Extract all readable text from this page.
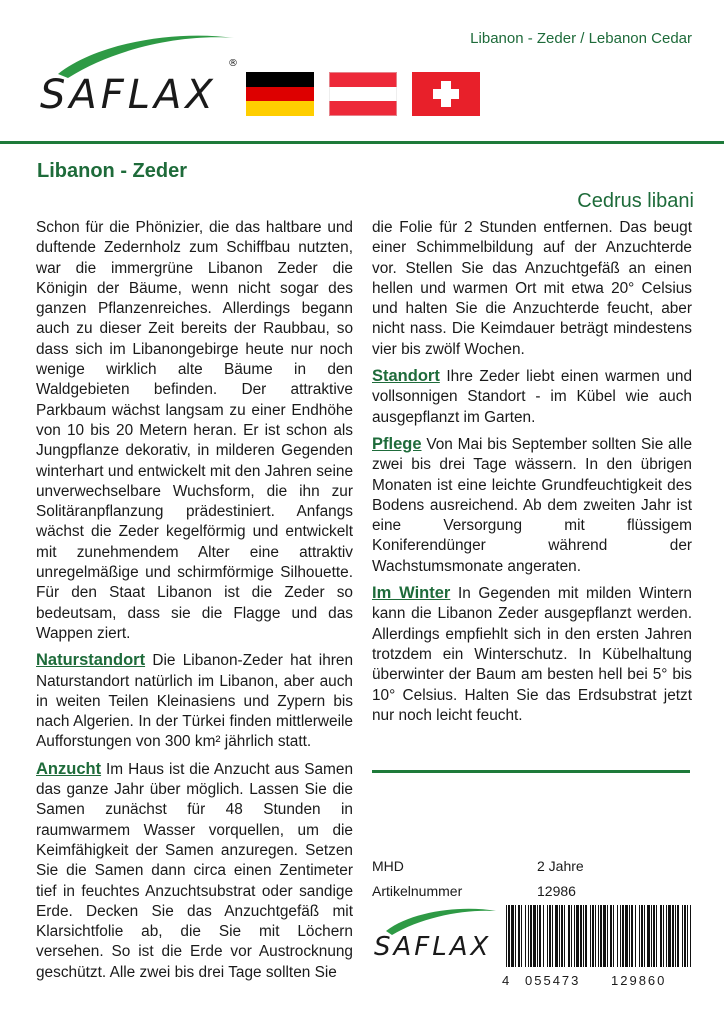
Libanon - Zeder / Lebanon Cedar
SAFLAX
®
Libanon - Zeder
Cedrus libani

Schon für die Phönizier, die das haltbare und duftende Zedernholz zum Schiffbau nutzten, war die immergrüne Libanon Zeder die Königin der Bäume, wenn nicht sogar des ganzen Pflanzenreiches. Allerdings begann auch zu dieser Zeit bereits der Raubbau, so dass sich im Libanongebirge heute nur noch wenige wirklich alte Bäume in den Waldgebieten befinden. Der attraktive Parkbaum wächst langsam zu einer Endhöhe von 10 bis 20 Metern heran. Er ist schon als Jungpflanze dekorativ, in milderen Gegenden winterhart und entwickelt mit den Jahren seine unverwechselbare Wuchsform, die ihn zur Solitäranpflanzung prädestiniert. Anfangs wächst die Zeder kegelförmig und entwickelt mit zunehmendem Alter eine attraktiv unregelmäßige und schirmförmige Silhouette. Für den Staat Libanon ist die Zeder so bedeutsam, dass sie die Flagge und das Wappen ziert.

Naturstandort Die Libanon-Zeder hat ihren Naturstandort natürlich im Libanon, aber auch in weiten Teilen Kleinasiens und Zypern bis nach Algerien. In der Türkei finden mittlerweile Aufforstungen von 300 km² jährlich statt.

Anzucht Im Haus ist die Anzucht aus Samen das ganze Jahr über möglich. Lassen Sie die Samen zunächst für 48 Stunden in raumwarmem Wasser vorquellen, um die Keimfähigkeit der Samen anzuregen. Setzen Sie die Samen dann circa einen Zentimeter tief in feuchtes Anzuchtsubstrat oder sandige Erde. Decken Sie das Anzuchtgefäß mit Klarsichtfolie ab, die Sie mit Löchern versehen. So ist die Erde vor Austrocknung geschützt. Alle zwei bis drei Tage sollten Sie

die Folie für 2 Stunden entfernen. Das beugt einer Schimmelbildung auf der Anzuchterde vor. Stellen Sie das Anzuchtgefäß an einen hellen und warmen Ort mit etwa 20° Celsius und halten Sie die Anzuchterde feucht, aber nicht nass. Die Keimdauer beträgt mindestens vier bis zwölf Wochen.

Standort Ihre Zeder liebt einen warmen und vollsonnigen Standort - im Kübel wie auch ausgepflanzt im Garten.

Pflege Von Mai bis September sollten Sie alle zwei bis drei Tage wässern. In den übrigen Monaten ist eine leichte Grundfeuchtigkeit des Bodens ausreichend. Ab dem zweiten Jahr ist eine Versorgung mit flüssigem Koniferendünger während der Wachstumsmonate angeraten.

Im Winter In Gegenden mit milden Wintern kann die Libanon Zeder ausgepflanzt werden. Allerdings empfiehlt sich in den ersten Jahren trotzdem ein Winterschutz. In Kübelhaltung überwinter der Baum am besten hell bei 5° bis 10° Celsius. Halten Sie das Erdsubstrat jetzt nur noch leicht feucht.

MHD	2 Jahre
Artikelnummer	12986
SAFLAX
4 055473 129860
